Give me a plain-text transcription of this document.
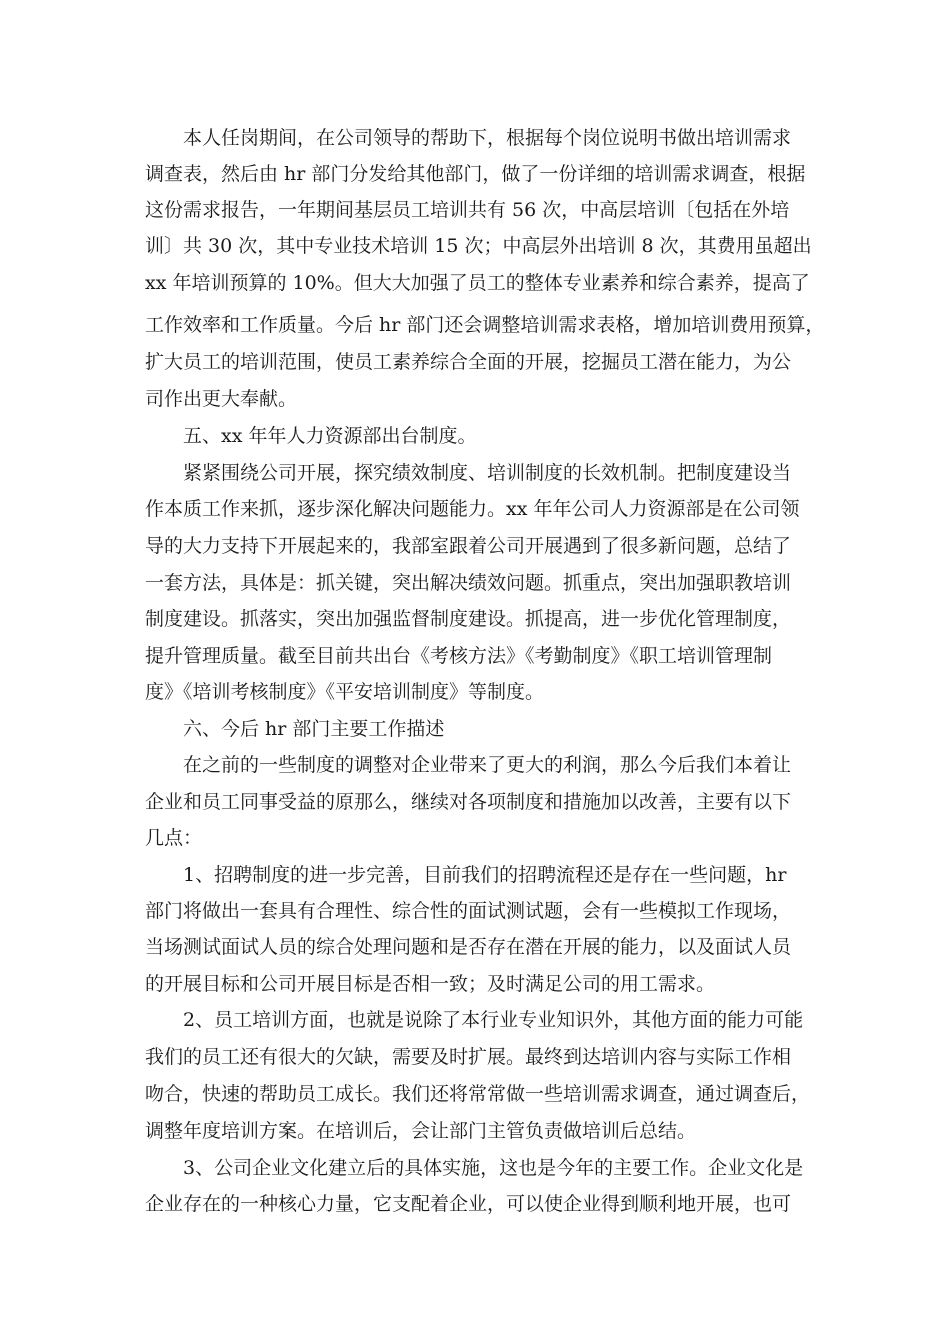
本人任岗期间，在公司领导的帮助下，根据每个岗位说明书做出培训需求
调查表，然后由 hr 部门分发给其他部门，做了一份详细的培训需求调查，根据
这份需求报告，一年期间基层员工培训共有 56 次，中高层培训〔包括在外培
训〕共 30 次，其中专业技术培训 15 次；中高层外出培训 8 次，其费用虽超出
xx 年培训预算的 10%。但大大加强了员工的整体专业素养和综合素养，提高了
工作效率和工作质量。今后 hr 部门还会调整培训需求表格，增加培训费用预算，
扩大员工的培训范围，使员工素养综合全面的开展，挖掘员工潜在能力，为公
司作出更大奉献。
五、xx 年年人力资源部出台制度。
紧紧围绕公司开展，探究绩效制度、培训制度的长效机制。把制度建设当
作本质工作来抓，逐步深化解决问题能力。xx 年年公司人力资源部是在公司领
导的大力支持下开展起来的，我部室跟着公司开展遇到了很多新问题，总结了
一套方法，具体是：抓关键，突出解决绩效问题。抓重点，突出加强职教培训
制度建设。抓落实，突出加强监督制度建设。抓提高，进一步优化管理制度，
提升管理质量。截至目前共出台《考核方法》《考勤制度》《职工培训管理制
度》《培训考核制度》《平安培训制度》等制度。
六、今后 hr 部门主要工作描述
在之前的一些制度的调整对企业带来了更大的利润，那么今后我们本着让
企业和员工同事受益的原那么，继续对各项制度和措施加以改善，主要有以下
几点：
1、招聘制度的进一步完善，目前我们的招聘流程还是存在一些问题，hr
部门将做出一套具有合理性、综合性的面试测试题，会有一些模拟工作现场，
当场测试面试人员的综合处理问题和是否存在潜在开展的能力，以及面试人员
的开展目标和公司开展目标是否相一致；及时满足公司的用工需求。
2、员工培训方面，也就是说除了本行业专业知识外，其他方面的能力可能
我们的员工还有很大的欠缺，需要及时扩展。最终到达培训内容与实际工作相
吻合，快速的帮助员工成长。我们还将常常做一些培训需求调查，通过调查后，
调整年度培训方案。在培训后，会让部门主管负责做培训后总结。
3、公司企业文化建立后的具体实施，这也是今年的主要工作。企业文化是
企业存在的一种核心力量，它支配着企业，可以使企业得到顺利地开展，也可
